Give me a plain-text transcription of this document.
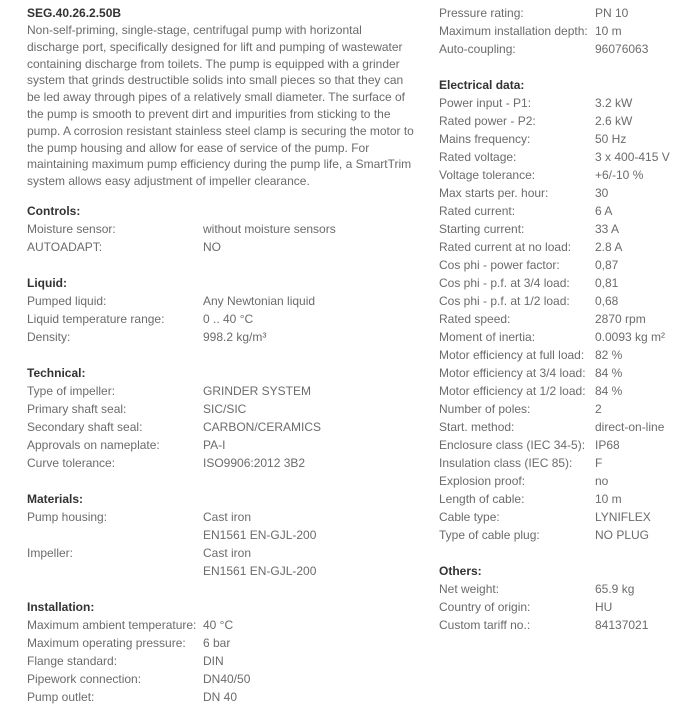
SEG.40.26.2.50B
Non-self-priming, single-stage, centrifugal pump with horizontal discharge port, specifically designed for lift and pumping of wastewater containing discharge from toilets. The pump is equipped with a grinder system that grinds destructible solids into small pieces so that they can be led away through pipes of a relatively small diameter. The surface of the pump is smooth to prevent dirt and impurities from sticking to the pump. A corrosion resistant stainless steel clamp is securing the motor to the pump housing and allow for ease of service of the pump. For maintaining maximum pump efficiency during the pump life, a SmartTrim system allows easy adjustment of impeller clearance.
Controls:
Moisture sensor:	without moisture sensors
AUTOADAPT:	NO
Liquid:
Pumped liquid:	Any Newtonian liquid
Liquid temperature range:	0 .. 40 °C
Density:	998.2 kg/m³
Technical:
Type of impeller:	GRINDER SYSTEM
Primary shaft seal:	SIC/SIC
Secondary shaft seal:	CARBON/CERAMICS
Approvals on nameplate:	PA-I
Curve tolerance:	ISO9906:2012 3B2
Materials:
Pump housing:	Cast iron
EN1561 EN-GJL-200
Impeller:	Cast iron
EN1561 EN-GJL-200
Installation:
Maximum ambient temperature: 40 °C
Maximum operating pressure:	6 bar
Flange standard:	DIN
Pipework connection:	DN40/50
Pump outlet:	DN 40
Pressure rating:	PN 10
Maximum installation depth: 10 m
Auto-coupling:	96076063
Electrical data:
Power input - P1:	3.2 kW
Rated power - P2:	2.6 kW
Mains frequency:	50 Hz
Rated voltage:	3 x 400-415 V
Voltage tolerance:	+6/-10 %
Max starts per. hour:	30
Rated current:	6 A
Starting current:	33 A
Rated current at no load:	2.8 A
Cos phi - power factor:	0,87
Cos phi - p.f. at 3/4 load:	0,81
Cos phi - p.f. at 1/2 load:	0,68
Rated speed:	2870 rpm
Moment of inertia:	0.0093 kg m²
Motor efficiency at full load: 82 %
Motor efficiency at 3/4 load: 84 %
Motor efficiency at 1/2 load: 84 %
Number of poles:	2
Start. method:	direct-on-line
Enclosure class (IEC 34-5): IP68
Insulation class (IEC 85):	F
Explosion proof:	no
Length of cable:	10 m
Cable type:	LYNIFLEX
Type of cable plug:	NO PLUG
Others:
Net weight:	65.9 kg
Country of origin:	HU
Custom tariff no.:	84137021
